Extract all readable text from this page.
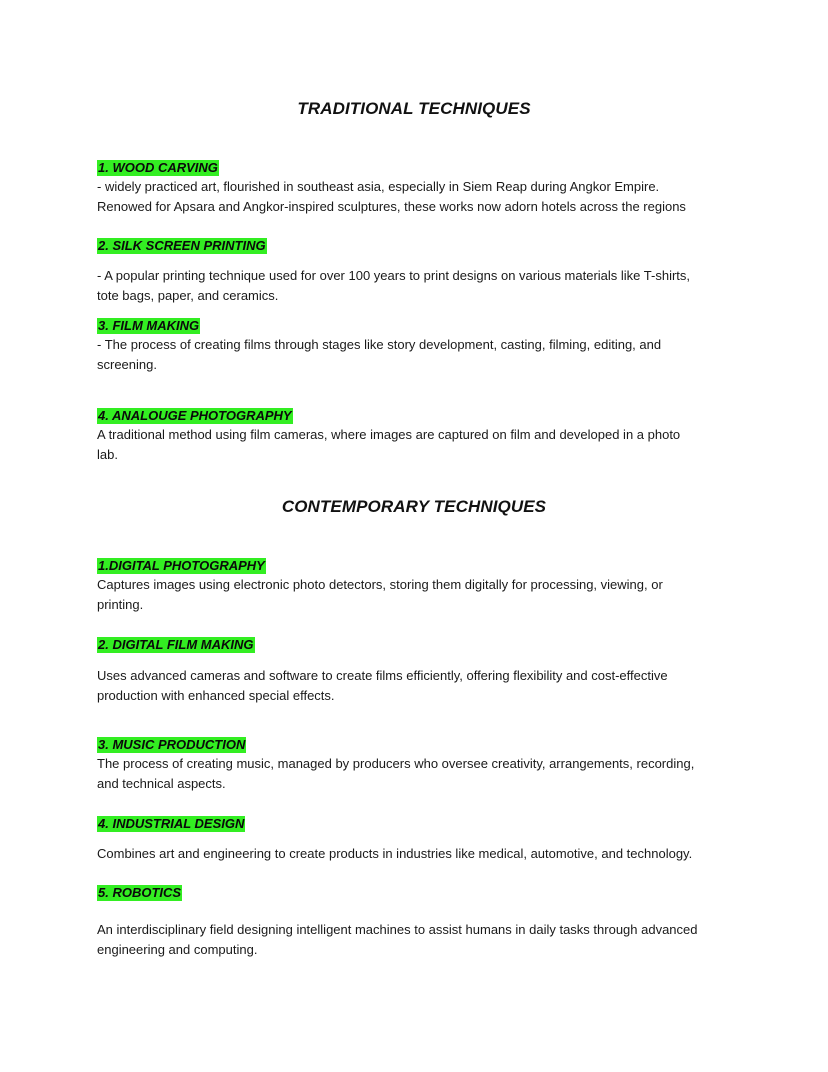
TRADITIONAL TECHNIQUES

1. WOOD CARVING

- widely practiced art, flourished in southeast asia, especially in Siem Reap during Angkor Empire.

Renowed for Apsara and Angkor-inspired sculptures, these works now adorn hotels across the regions

2. SILK SCREEN PRINTING

- A popular printing technique used for over 100 years to print designs on various materials like T-shirts,

tote bags, paper, and ceramics.

3. FILM MAKING

- The process of creating films through stages like story development, casting, filming, editing, and

screening.

4. ANALOUGE PHOTOGRAPHY

A traditional method using film cameras, where images are captured on film and developed in a photo

lab.

CONTEMPORARY TECHNIQUES

1.DIGITAL PHOTOGRAPHY

Captures images using electronic photo detectors, storing them digitally for processing, viewing, or

printing.

2. DIGITAL FILM MAKING

Uses advanced cameras and software to create films efficiently, offering flexibility and cost-effective

production with enhanced special effects.

3. MUSIC PRODUCTION

The process of creating music, managed by producers who oversee creativity, arrangements, recording,

and technical aspects.

4. INDUSTRIAL DESIGN

Combines art and engineering to create products in industries like medical, automotive, and technology.

5. ROBOTICS

An interdisciplinary field designing intelligent machines to assist humans in daily tasks through advanced

engineering and computing.
